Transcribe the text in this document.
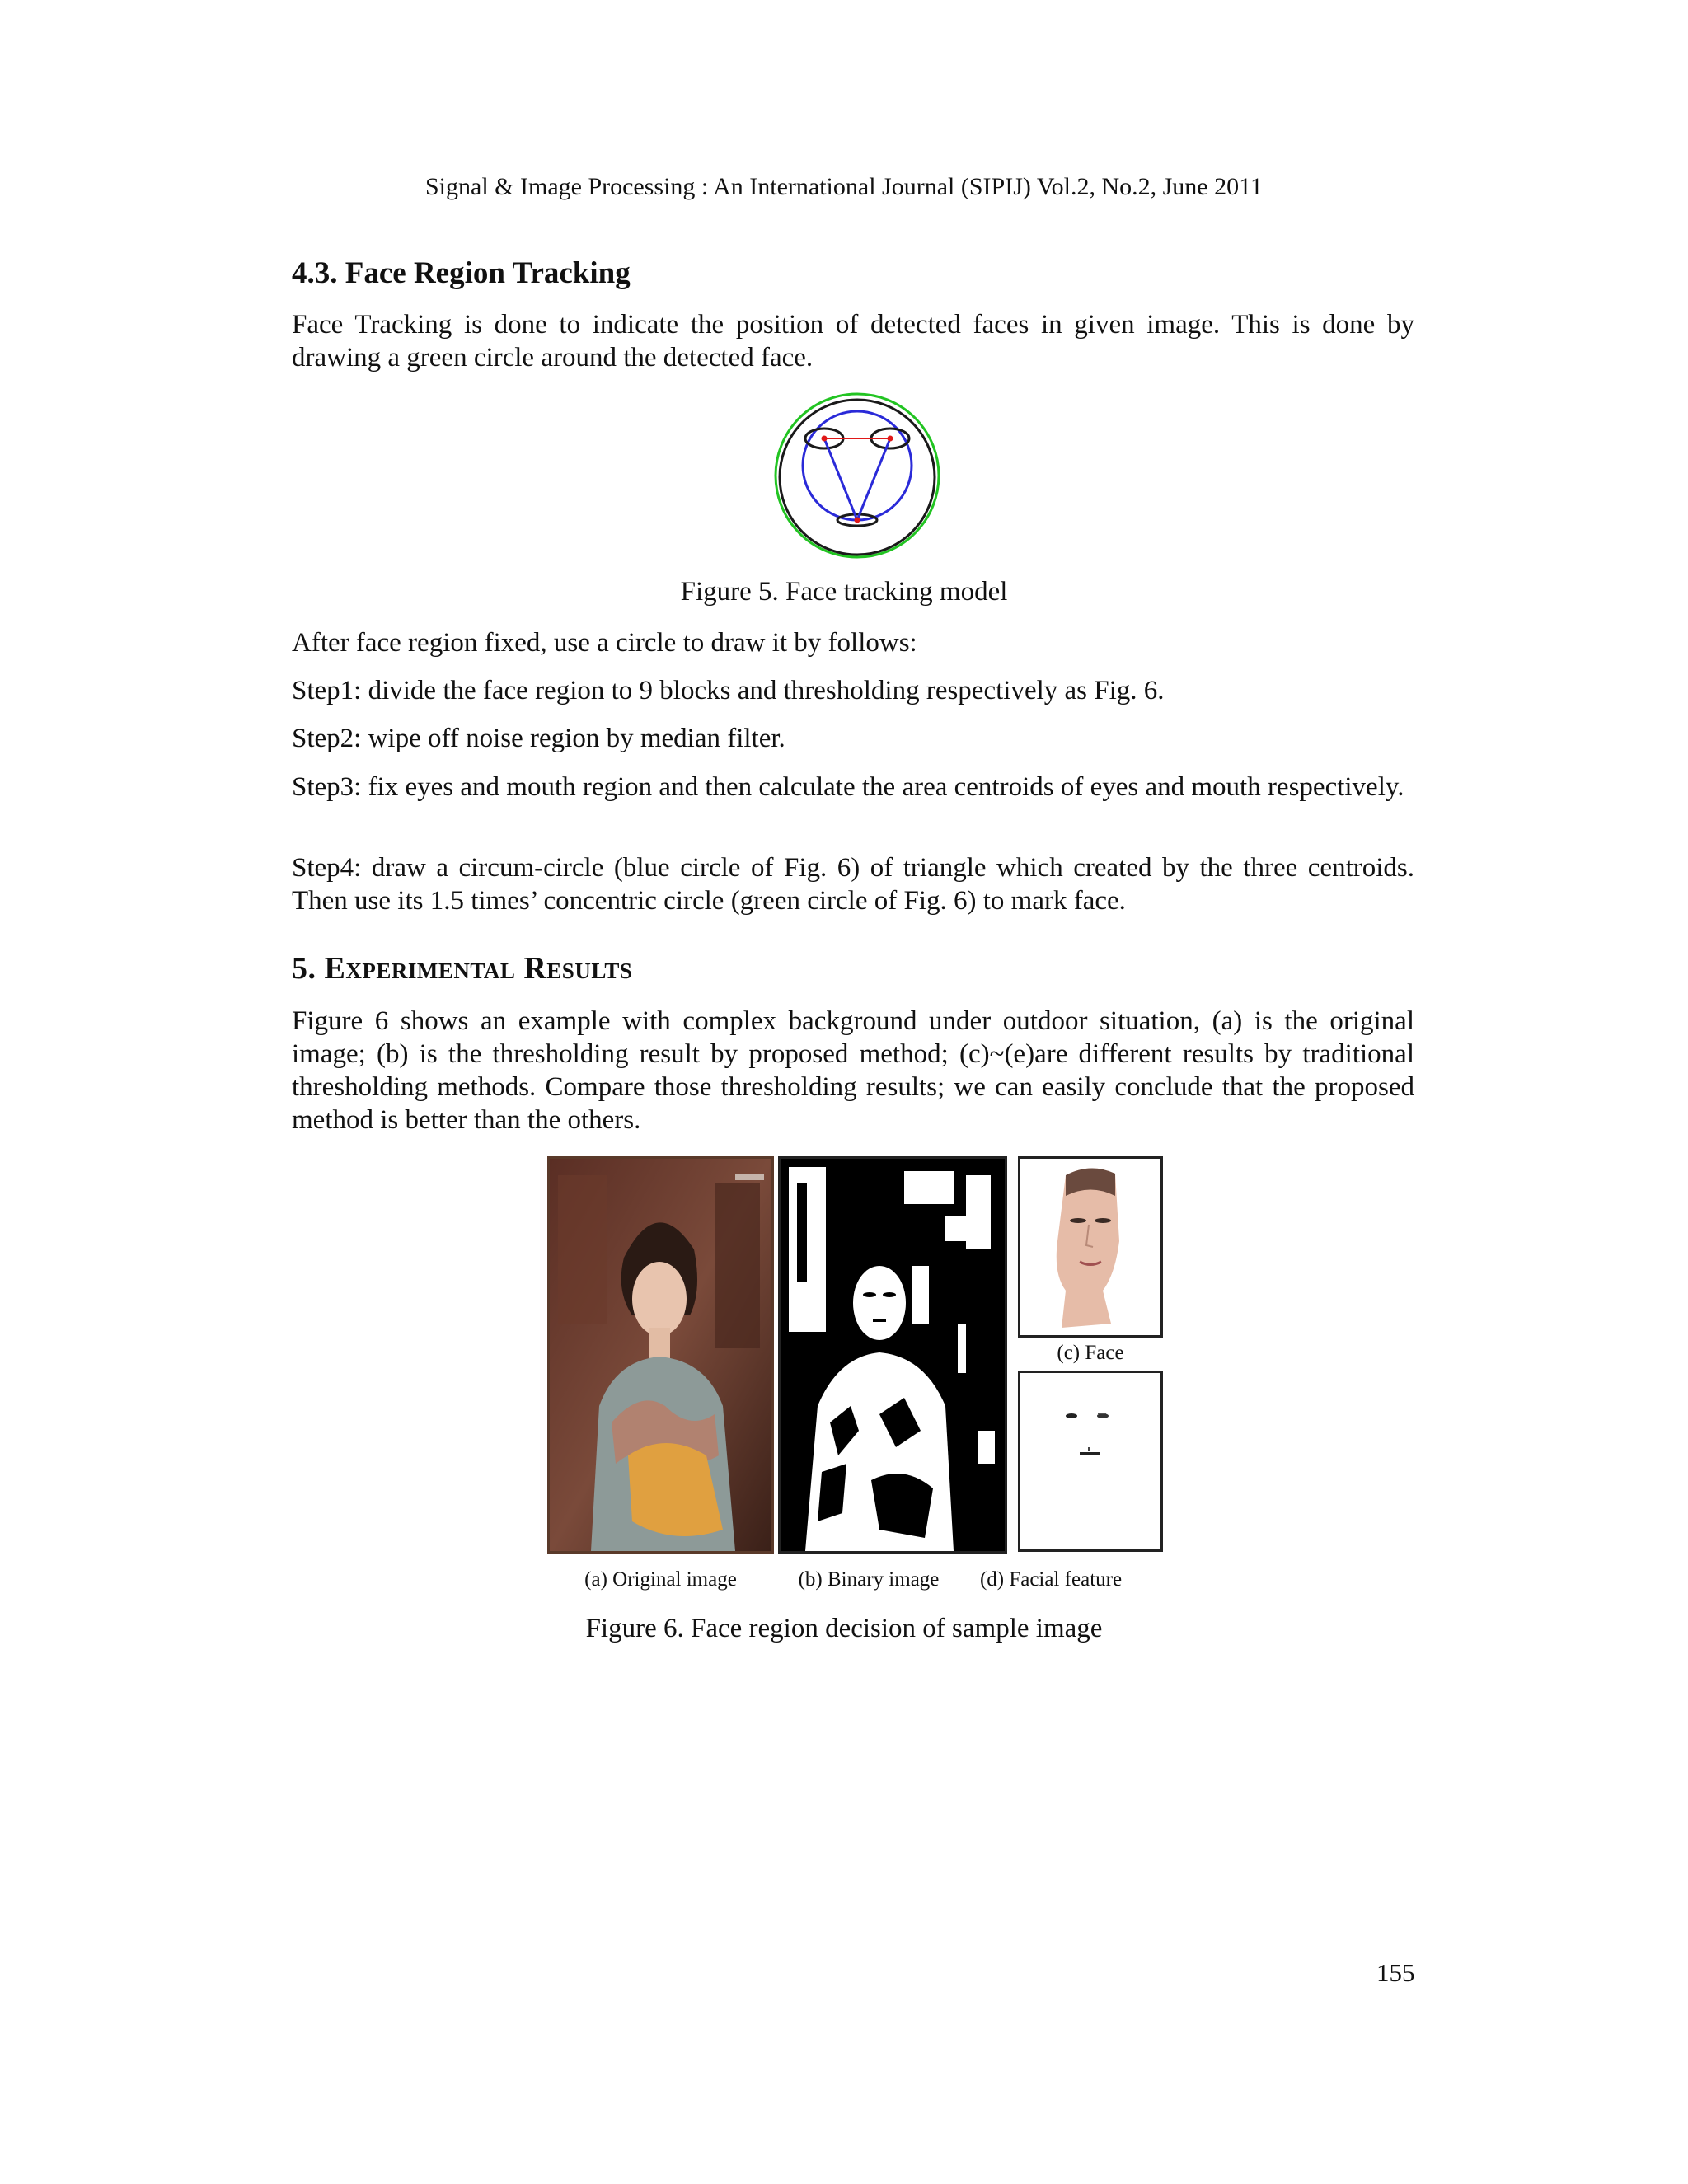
Signal & Image Processing : An International Journal (SIPIJ) Vol.2, No.2, June 2011
4.3. Face Region Tracking
Face Tracking is done to indicate the position of detected faces in given image. This is done by drawing a green circle around the detected face.
Figure 5. Face tracking model
After face region fixed, use a circle to draw it by follows:
Step1: divide the face region to 9 blocks and thresholding respectively as Fig. 6.
Step2: wipe off noise region by median filter.
Step3: fix eyes and mouth region and then calculate the area centroids of eyes and mouth respectively.
Step4: draw a circum-circle (blue circle of Fig. 6) of triangle which created by the three centroids. Then use its 1.5 times’ concentric circle (green circle of Fig. 6) to mark face.
5. Experimental Results
Figure 6 shows an example with complex background under outdoor situation, (a) is the original image; (b) is the thresholding result by proposed method; (c)~(e)are different results by traditional thresholding methods. Compare those thresholding results; we can easily conclude that the proposed method is better than the others.
(c) Face
(a) Original image	(b) Binary image	(d) Facial feature
Figure 6. Face region decision of sample image
155
